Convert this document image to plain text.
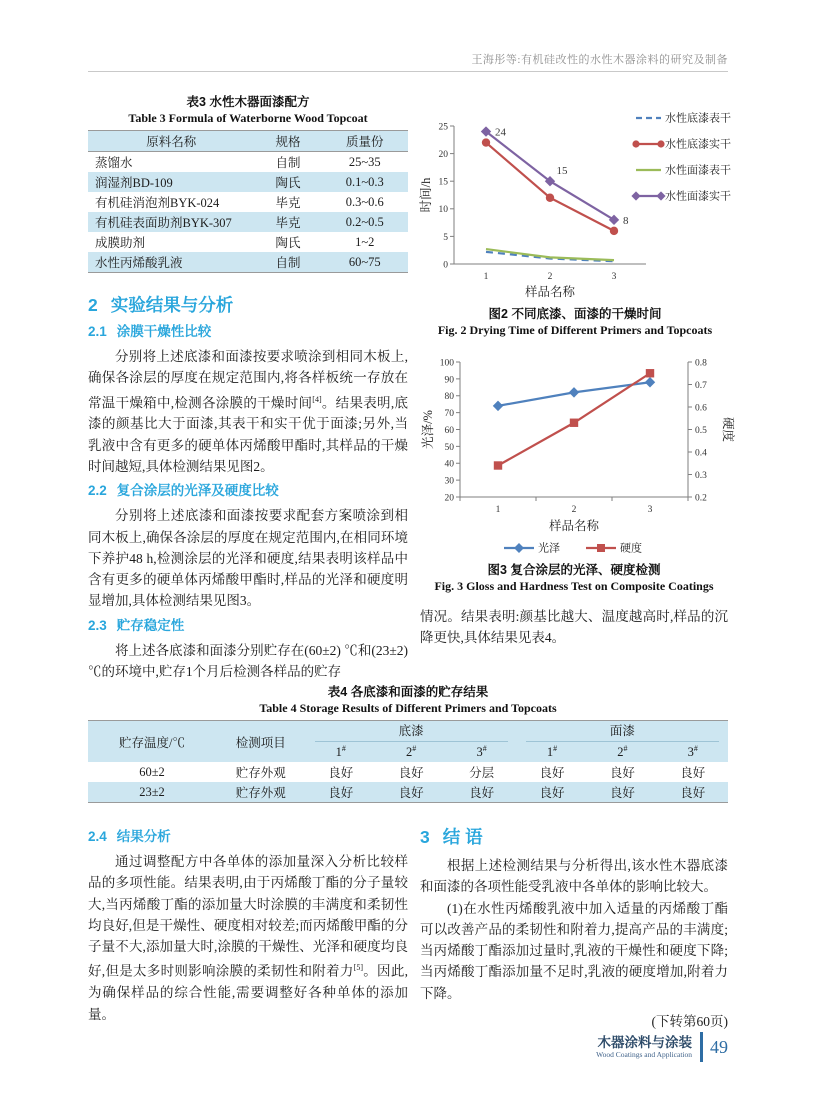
王海彤等:有机硅改性的水性木器涂料的研究及制备
表3 水性木器面漆配方
Table 3 Formula of Waterborne Wood Topcoat
原料名称	规格	质量份
蒸馏水	自制	25~35
润湿剂BD-109	陶氏	0.1~0.3
有机硅消泡剂BYK-024	毕克	0.3~0.6
有机硅表面助剂BYK-307	毕克	0.2~0.5
成膜助剂	陶氏	1~2
水性丙烯酸乳液	自制	60~75	0
5
10
15
20
25
1	2	3
样品名称
时间/h
24
15
8
水性底漆表干
水性底漆实干
水性面漆表干
水性面漆实干
图2 不同底漆、面漆的干燥时间
Fig. 2 Drying Time of Different Primers and Topcoats
2 实验结果与分析
2.1 涂膜干燥性比较

分别将上述底漆和面漆按要求喷涂到相同木板上,确保各涂层的厚度在规定范围内,将各样板统一存放在常温干燥箱中,检测各涂膜的干燥时间[4]。结果表明,底漆的颜基比大于面漆,其表干和实干优于面漆;另外,当乳液中含有更多的硬单体丙烯酸甲酯时,其样品的干燥时间越短,具体检测结果见图2。

2.2 复合涂层的光泽及硬度比较

分别将上述底漆和面漆按要求配套方案喷涂到相同木板上,确保各涂层的厚度在规定范围内,在相同环境下养护48 h,检测涂层的光泽和硬度,结果表明该样品中含有更多的硬单体丙烯酸甲酯时,样品的光泽和硬度明显增加,具体检测结果见图3。

2.3 贮存稳定性

将上述各底漆和面漆分别贮存在(60±2) ℃和(23±2) ℃的环境中,贮存1个月后检测各样品的贮存

20
30
40
50
60
70
80
90
100
0.2
0.3
0.4
0.5
0.6
0.7
0.8
1	2	3
样品名称
光泽/%	硬度
光泽	硬度
图3 复合涂层的光泽、硬度检测
Fig. 3 Gloss and Hardness Test on Composite Coatings

情况。结果表明:颜基比越大、温度越高时,样品的沉降更快,具体结果见表4。

表4 各底漆和面漆的贮存结果
Table 4 Storage Results of Different Primers and Topcoats
贮存温度/℃	检测项目	底漆			面漆		

		1#	2#	3#	1#	2#	3#
60±2	贮存外观	良好	良好	分层	良好	良好	良好
23±2	贮存外观	良好	良好	良好	良好	良好	良好
2.4 结果分析

通过调整配方中各单体的添加量深入分析比较样品的多项性能。结果表明,由于丙烯酸丁酯的分子量较大,当丙烯酸丁酯的添加量大时涂膜的丰满度和柔韧性均良好,但是干燥性、硬度相对较差;而丙烯酸甲酯的分子量不大,添加量大时,涂膜的干燥性、光泽和硬度均良好,但是太多时则影响涂膜的柔韧性和附着力[5]。因此,为确保样品的综合性能,需要调整好各种单体的添加量。

3 结 语

根据上述检测结果与分析得出,该水性木器底漆和面漆的各项性能受乳液中各单体的影响比较大。

(1)在水性丙烯酸乳液中加入适量的丙烯酸丁酯可以改善产品的柔韧性和附着力,提高产品的丰满度;当丙烯酸丁酯添加过量时,乳液的干燥性和硬度下降;当丙烯酸丁酯添加量不足时,乳液的硬度增加,附着力下降。

(下转第60页)

木器涂料与涂装
Wood Coatings and Application 49
